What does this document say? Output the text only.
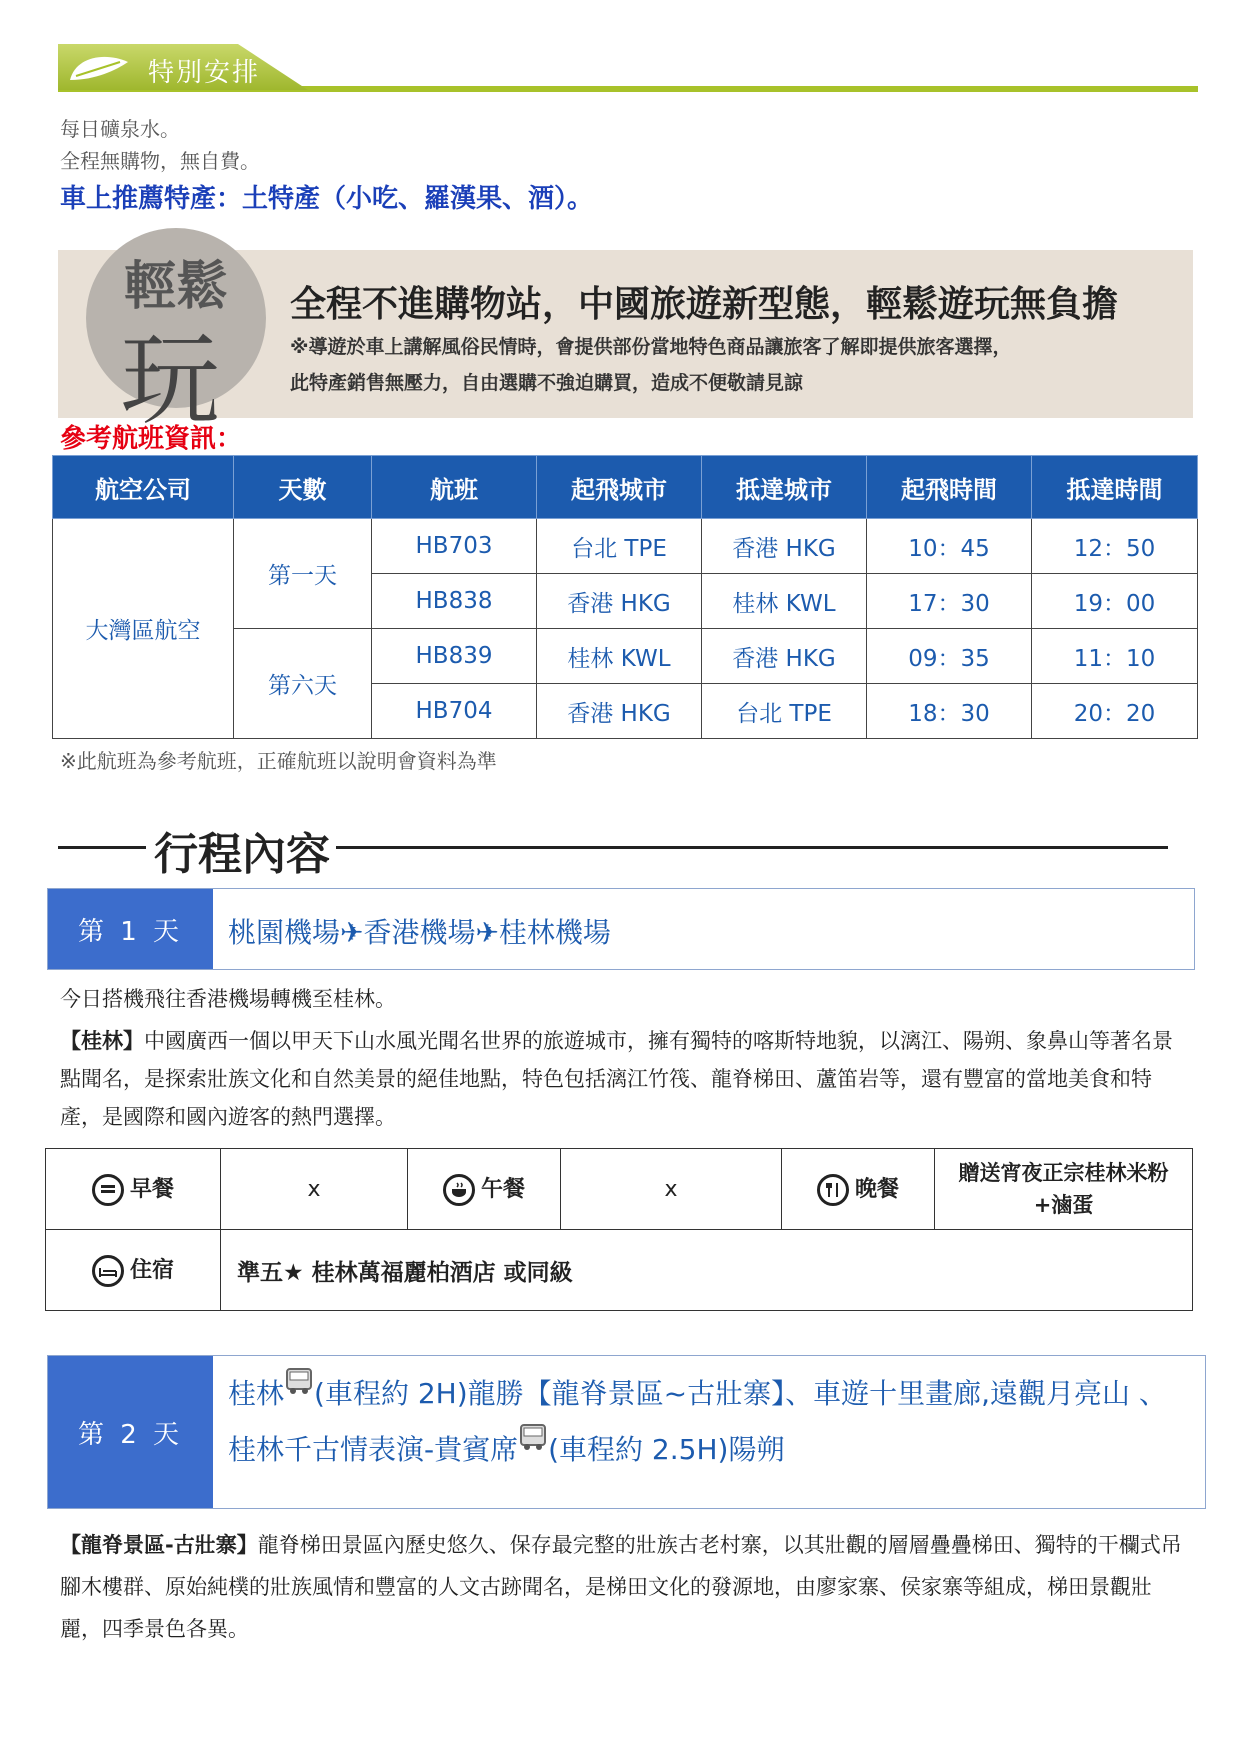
特別安排
每日礦泉水。
全程無購物，無自費。
車上推薦特產：土特產（小吃、羅漢果、酒）。
輕鬆
玩
全程不進購物站，中國旅遊新型態，輕鬆遊玩無負擔
※導遊於車上講解風俗民情時，會提供部份當地特色商品讓旅客了解即提供旅客選擇，
此特產銷售無壓力，自由選購不強迫購買，造成不便敬請見諒
參考航班資訊：
航空公司	天數	航班	起飛城市	抵達城市	起飛時間	抵達時間
大灣區航空	第一天	HB703	台北 TPE	香港 HKG	10：45	12：50
		HB838	香港 HKG	桂林 KWL	17：30	19：00
	第六天	HB839	桂林 KWL	香港 HKG	09：35	11：10
		HB704	香港 HKG	台北 TPE	18：30	20：20
※此航班為參考航班，正確航班以說明會資料為準
行程內容
第 1 天	桃園機場✈香港機場✈桂林機場
今日搭機飛往香港機場轉機至桂林。
【桂林】中國廣西一個以甲天下山水風光聞名世界的旅遊城市，擁有獨特的喀斯特地貌，以漓江、陽朔、象鼻山等著名景點聞名，是探索壯族文化和自然美景的絕佳地點，特色包括漓江竹筏、龍脊梯田、蘆笛岩等，還有豐富的當地美食和特產，是國際和國內遊客的熱門選擇。
早餐	x	午餐	x	晚餐	贈送宵夜正宗桂林米粉+滷蛋

住宿	準五★ 桂林萬福麗柏酒店 或同級				
第 2 天
桂林 (車程約 2H)龍勝【龍脊景區~古壯寨】、車遊十里畫廊,遠觀月亮山 、
桂林千古情表演-貴賓席 (車程約 2.5H)陽朔
【龍脊景區-古壯寨】龍脊梯田景區內歷史悠久、保存最完整的壯族古老村寨，以其壯觀的層層疊疊梯田、獨特的干欄式吊腳木樓群、原始純樸的壯族風情和豐富的人文古跡聞名，是梯田文化的發源地，由廖家寨、侯家寨等組成，梯田景觀壯麗，四季景色各異。
